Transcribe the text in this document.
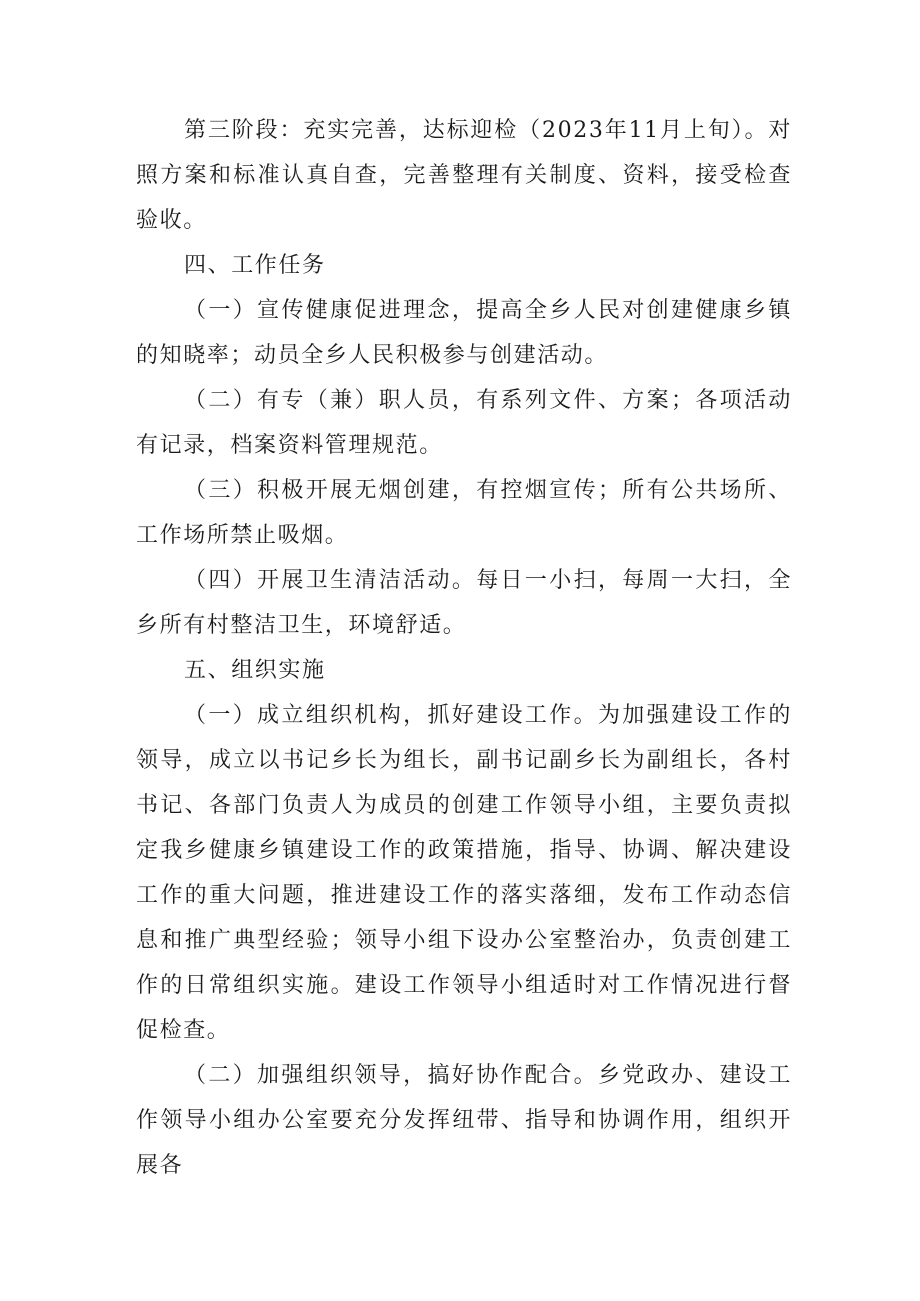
第三阶段：充实完善，达标迎检（2023年11月上旬）。对照方案和标准认真自查，完善整理有关制度、资料，接受检查验收。

四、工作任务

（一）宣传健康促进理念，提高全乡人民对创建健康乡镇的知晓率；动员全乡人民积极参与创建活动。

（二）有专（兼）职人员，有系列文件、方案；各项活动有记录，档案资料管理规范。

（三）积极开展无烟创建，有控烟宣传；所有公共场所、工作场所禁止吸烟。

（四）开展卫生清洁活动。每日一小扫，每周一大扫，全乡所有村整洁卫生，环境舒适。

五、组织实施

（一）成立组织机构，抓好建设工作。为加强建设工作的领导，成立以书记乡长为组长，副书记副乡长为副组长，各村书记、各部门负责人为成员的创建工作领导小组，主要负责拟定我乡健康乡镇建设工作的政策措施，指导、协调、解决建设工作的重大问题，推进建设工作的落实落细，发布工作动态信息和推广典型经验；领导小组下设办公室整治办，负责创建工作的日常组织实施。建设工作领导小组适时对工作情况进行督促检查。

（二）加强组织领导，搞好协作配合。乡党政办、建设工作领导小组办公室要充分发挥纽带、指导和协调作用，组织开展各
